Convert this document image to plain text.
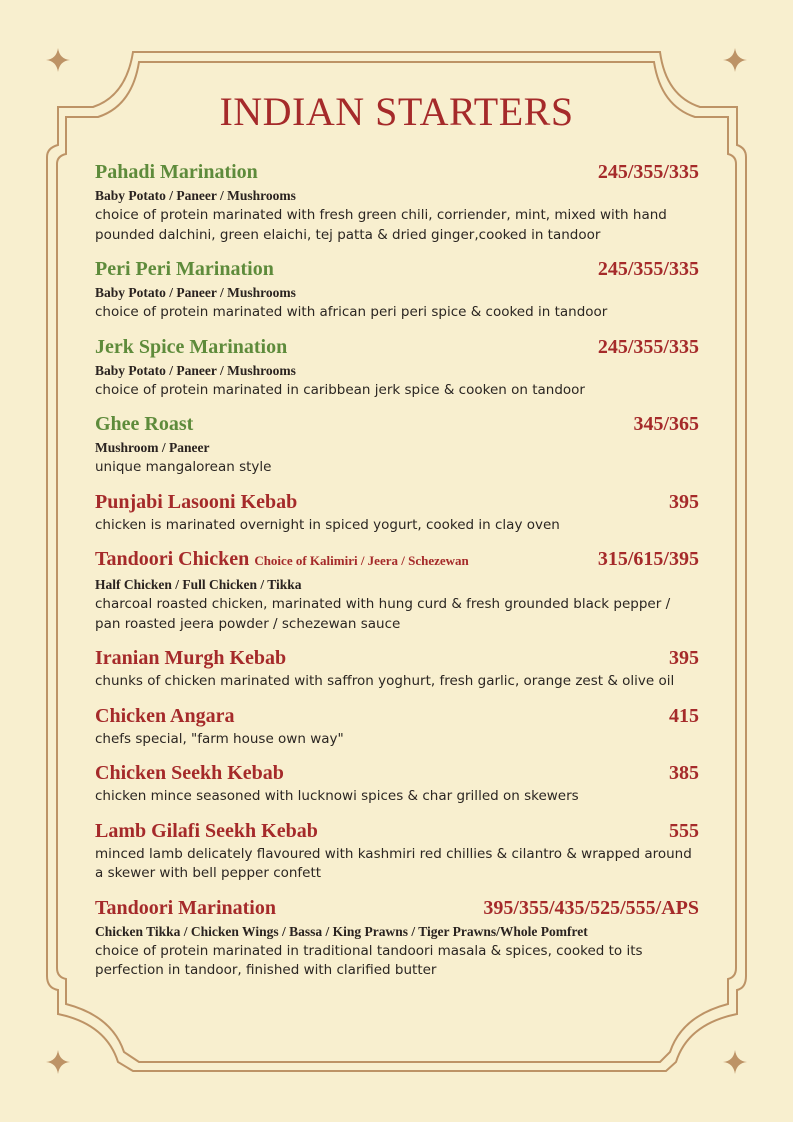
INDIAN STARTERS
Pahadi Marination	245/355/335
Baby Potato / Paneer / Mushrooms
choice of protein marinated with fresh green chili, corriender, mint, mixed with hand pounded dalchini, green elaichi, tej patta & dried ginger,cooked in tandoor
Peri Peri Marination	245/355/335
Baby Potato / Paneer / Mushrooms
choice of protein marinated with african peri peri spice & cooked in tandoor
Jerk Spice Marination	245/355/335
Baby Potato / Paneer / Mushrooms
choice of protein marinated in caribbean jerk spice & cooken on tandoor
Ghee Roast	345/365
Mushroom / Paneer
unique mangalorean style
Punjabi Lasooni Kebab	395
chicken is marinated overnight in spiced yogurt, cooked in clay oven
Tandoori Chicken Choice of Kalimiri / Jeera / Schezewan	315/615/395
Half Chicken / Full Chicken / Tikka
charcoal roasted chicken, marinated with hung curd & fresh grounded black pepper / pan roasted jeera powder / schezewan sauce
Iranian Murgh Kebab	395
chunks of chicken marinated with saffron yoghurt, fresh garlic, orange zest & olive oil
Chicken Angara	415
chefs special, "farm house own way"
Chicken Seekh Kebab	385
chicken mince seasoned with lucknowi spices & char grilled on skewers
Lamb Gilafi Seekh Kebab	555
minced lamb delicately flavoured with kashmiri red chillies & cilantro & wrapped around a skewer with bell pepper confett
Tandoori Marination	395/355/435/525/555/APS
Chicken Tikka / Chicken Wings / Bassa / King Prawns / Tiger Prawns/Whole Pomfret
choice of protein marinated in traditional tandoori masala & spices, cooked to its perfection in tandoor, finished with clarified butter
